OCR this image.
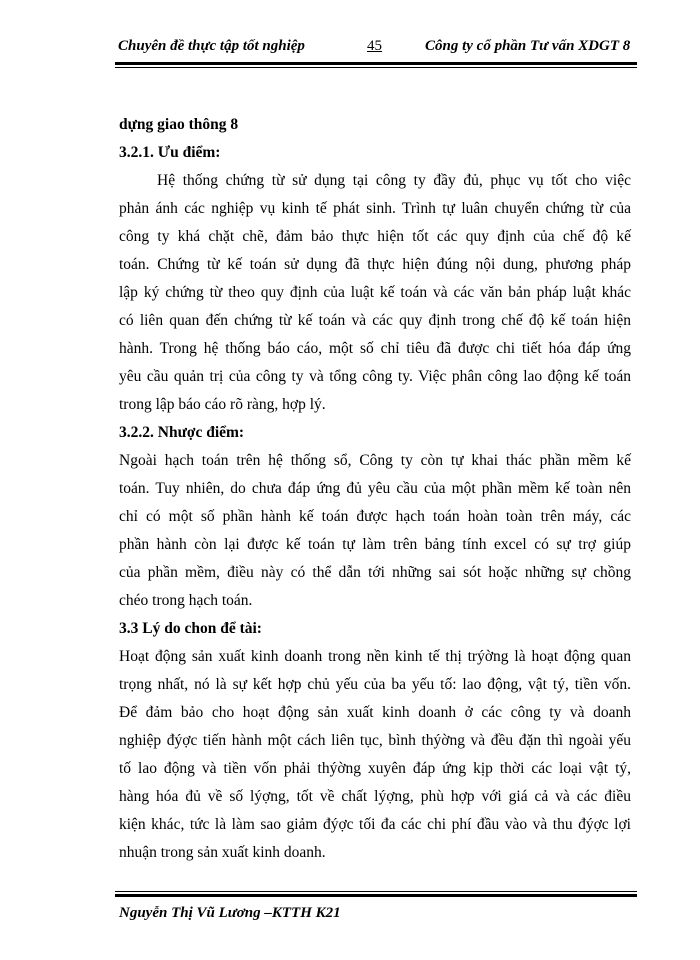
Chuyên đề thực tập tốt nghiệp	45	Công ty cổ phần Tư vấn XDGT 8
dựng giao thông 8
3.2.1. Ưu điểm:
Hệ thống chứng từ sử dụng tại công ty đầy đủ, phục vụ tốt cho việc
phản ánh các nghiệp vụ kinh tế phát sinh. Trình tự luân chuyển chứng từ của
công ty khá chặt chẽ, đảm bảo thực hiện tốt các quy định của chế độ kế
toán. Chứng từ kế toán sử dụng đã thực hiện đúng nội dung, phương pháp
lập ký chứng từ theo quy định của luật kế toán và các văn bản pháp luật khác
có liên quan đến chứng từ kế toán và các quy định trong chế độ kế toán hiện
hành. Trong hệ thống báo cáo, một số chỉ tiêu đã được chi tiết hóa đáp ứng
yêu cầu quản trị của công ty và tổng công ty. Việc phân công lao động kế toán
trong lập báo cáo rõ ràng, hợp lý.
3.2.2. Nhược điểm:
Ngoài hạch toán trên hệ thống sổ, Công ty còn tự khai thác phần mềm kế
toán. Tuy nhiên, do chưa đáp ứng đủ yêu cầu của một phần mềm kế toàn nên
chỉ có một số phần hành kế toán được hạch toán hoàn toàn trên máy, các
phần hành còn lại được kế toán tự làm trên bảng tính excel có sự trợ giúp
của phần mềm, điều này có thể dẫn tới những sai sót hoặc những sự chồng
chéo trong hạch toán.
3.3 Lý do chon để tài:
Hoạt động sản xuất kinh doanh trong nền kinh tế thị trýờng là hoạt động quan
trọng nhất, nó là sự kết hợp chủ yếu của ba yếu tố: lao động, vật tý, tiền vốn.
Để đảm bảo cho hoạt động sản xuất kinh doanh ở các công ty và doanh
nghiệp đýợc tiến hành một cách liên tục, bình thýờng và đều đặn thì ngoài yếu
tố lao động và tiền vốn phải thýờng xuyên đáp ứng kịp thời các loại vật tý,
hàng hóa đủ về số lýợng, tốt về chất lýợng, phù hợp với giá cả và các điều
kiện khác, tức là làm sao giảm đýợc tối đa các chi phí đầu vào và thu đýợc lợi
nhuận trong sản xuất kinh doanh.
Nguyễn Thị Vũ Lương –KTTH K21
